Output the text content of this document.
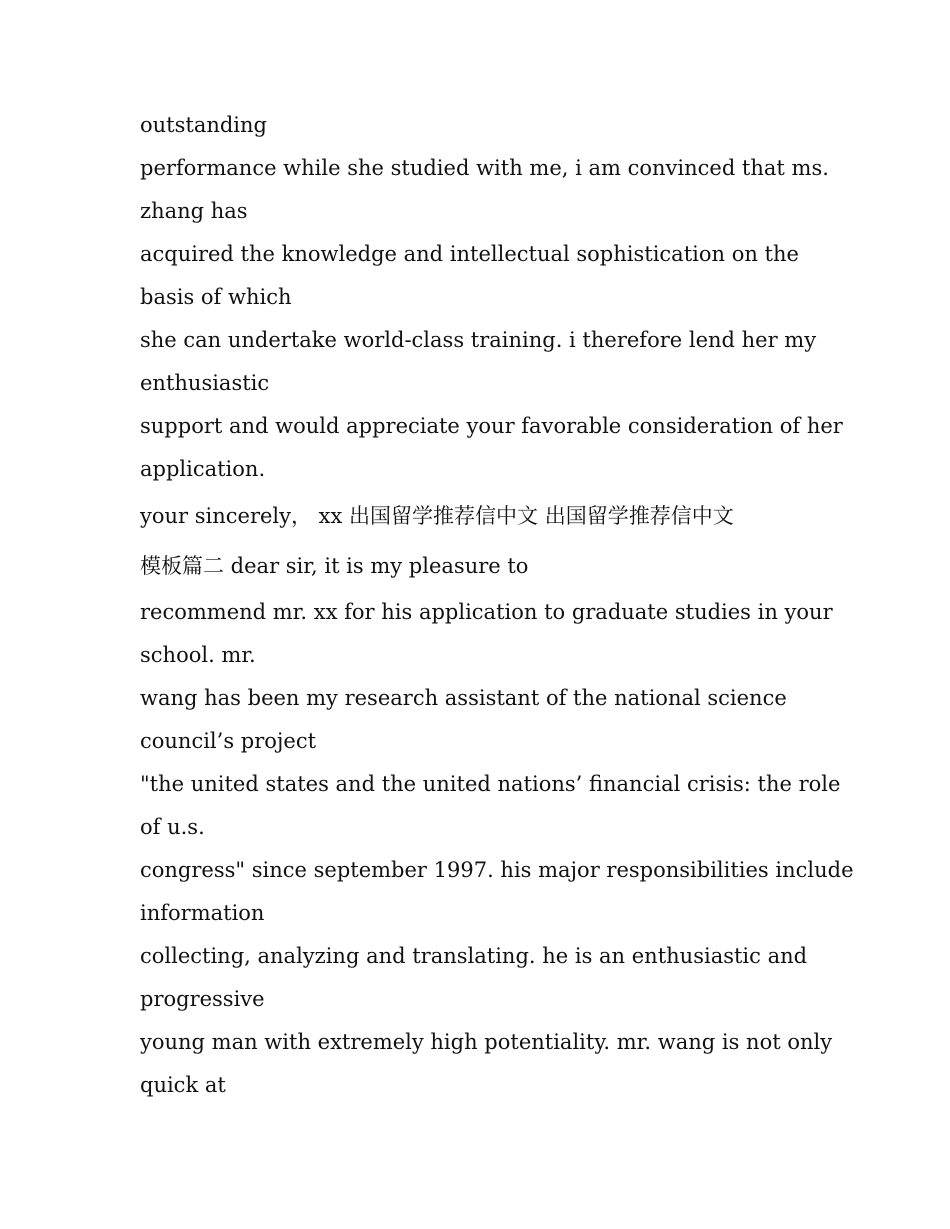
outstanding
performance while she studied with me, i am convinced that ms.
zhang has
acquired the knowledge and intellectual sophistication on the
basis of which
she can undertake world-class training. i therefore lend her my
enthusiastic
support and would appreciate your favorable consideration of her
application.
your sincerely， xx 出国留学推荐信中文 出国留学推荐信中文
模板篇二 dear sir, it is my pleasure to
recommend mr. xx for his application to graduate studies in your
school. mr.
wang has been my research assistant of the national science
council’s project
"the united states and the united nations’ financial crisis: the role
of u.s.
congress" since september 1997. his major responsibilities include
information
collecting, analyzing and translating. he is an enthusiastic and
progressive
young man with extremely high potentiality. mr. wang is not only
quick at
